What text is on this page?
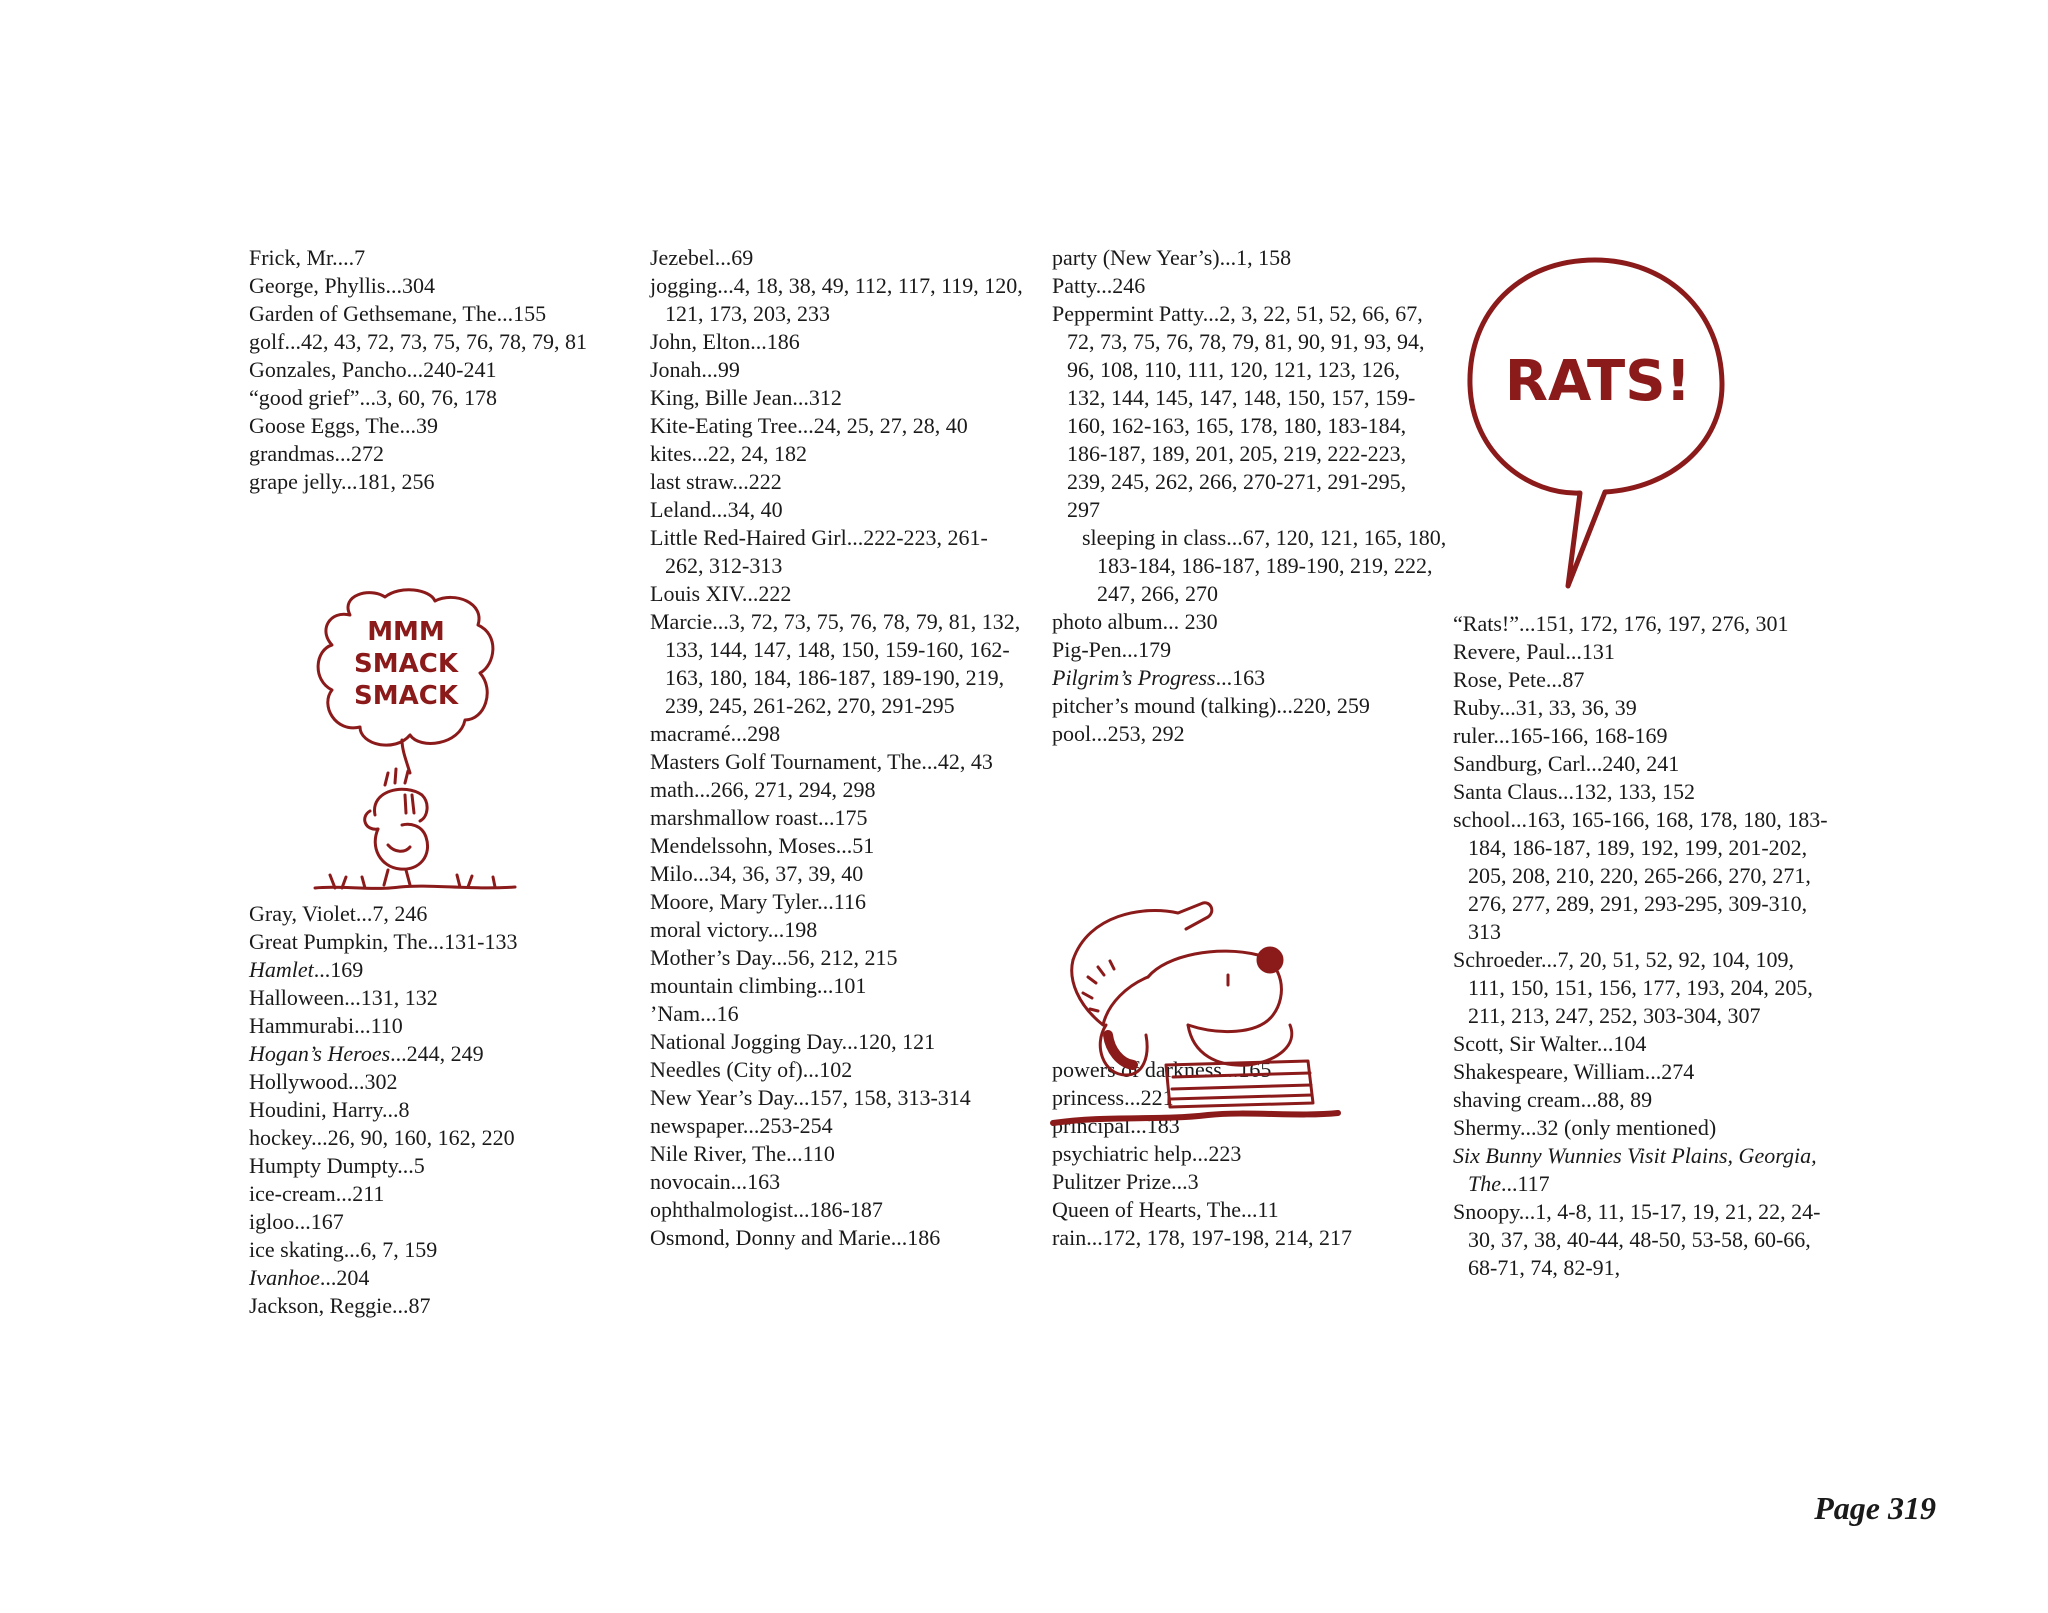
Frick, Mr....7
George, Phyllis...304
Garden of Gethsemane, The...155
golf...42, 43, 72, 73, 75, 76, 78, 79, 81
Gonzales, Pancho...240-241
“good grief”...3, 60, 76, 178
Goose Eggs, The...39
grandmas...272
grape jelly...181, 256
Gray, Violet...7, 246
Great Pumpkin, The...131-133
Hamlet...169
Halloween...131, 132
Hammurabi...110
Hogan’s Heroes...244, 249
Hollywood...302
Houdini, Harry...8
hockey...26, 90, 160, 162, 220
Humpty Dumpty...5
ice-cream...211
igloo...167
ice skating...6, 7, 159
Ivanhoe...204
Jackson, Reggie...87
Jezebel...69
jogging...4, 18, 38, 49, 112, 117, 119, 120, 121, 173, 203, 233
John, Elton...186
Jonah...99
King, Bille Jean...312
Kite-Eating Tree...24, 25, 27, 28, 40
kites...22, 24, 182
last straw...222
Leland...34, 40
Little Red-Haired Girl...222-223, 261-262, 312-313
Louis XIV...222
Marcie...3, 72, 73, 75, 76, 78, 79, 81, 132, 133, 144, 147, 148, 150, 159-160, 162-163, 180, 184, 186-187, 189-190, 219, 239, 245, 261-262, 270, 291-295
macramé...298
Masters Golf Tournament, The...42, 43
math...266, 271, 294, 298
marshmallow roast...175
Mendelssohn, Moses...51
Milo...34, 36, 37, 39, 40
Moore, Mary Tyler...116
moral victory...198
Mother’s Day...56, 212, 215
mountain climbing...101
’Nam...16
National Jogging Day...120, 121
Needles (City of)...102
New Year’s Day...157, 158, 313-314
newspaper...253-254
Nile River, The...110
novocain...163
ophthalmologist...186-187
Osmond, Donny and Marie...186
party (New Year’s)...1, 158
Patty...246
Peppermint Patty...2, 3, 22, 51, 52, 66, 67, 72, 73, 75, 76, 78, 79, 81, 90, 91, 93, 94, 96, 108, 110, 111, 120, 121, 123, 126, 132, 144, 145, 147, 148, 150, 157, 159-160, 162-163, 165, 178, 180, 183-184, 186-187, 189, 201, 205, 219, 222-223, 239, 245, 262, 266, 270-271, 291-295, 297
sleeping in class...67, 120, 121, 165, 180, 183-184, 186-187, 189-190, 219, 222, 247, 266, 270
photo album... 230
Pig-Pen...179
Pilgrim’s Progress...163
pitcher’s mound (talking)...220, 259
pool...253, 292
powers of darkness...165
princess...221
principal...183
psychiatric help...223
Pulitzer Prize...3
Queen of Hearts, The...11
rain...172, 178, 197-198, 214, 217
“Rats!”...151, 172, 176, 197, 276, 301
Revere, Paul...131
Rose, Pete...87
Ruby...31, 33, 36, 39
ruler...165-166, 168-169
Sandburg, Carl...240, 241
Santa Claus...132, 133, 152
school...163, 165-166, 168, 178, 180, 183-184, 186-187, 189, 192, 199, 201-202, 205, 208, 210, 220, 265-266, 270, 271, 276, 277, 289, 291, 293-295, 309-310, 313
Schroeder...7, 20, 51, 52, 92, 104, 109, 111, 150, 151, 156, 177, 193, 204, 205, 211, 213, 247, 252, 303-304, 307
Scott, Sir Walter...104
Shakespeare, William...274
shaving cream...88, 89
Shermy...32 (only mentioned)
Six Bunny Wunnies Visit Plains, Georgia, The...117
Snoopy...1, 4-8, 11, 15-17, 19, 21, 22, 24-30, 37, 38, 40-44, 48-50, 53-58, 60-66, 68-71, 74, 82-91,
MMM SMACK SMACK
RATS!
Page 319
